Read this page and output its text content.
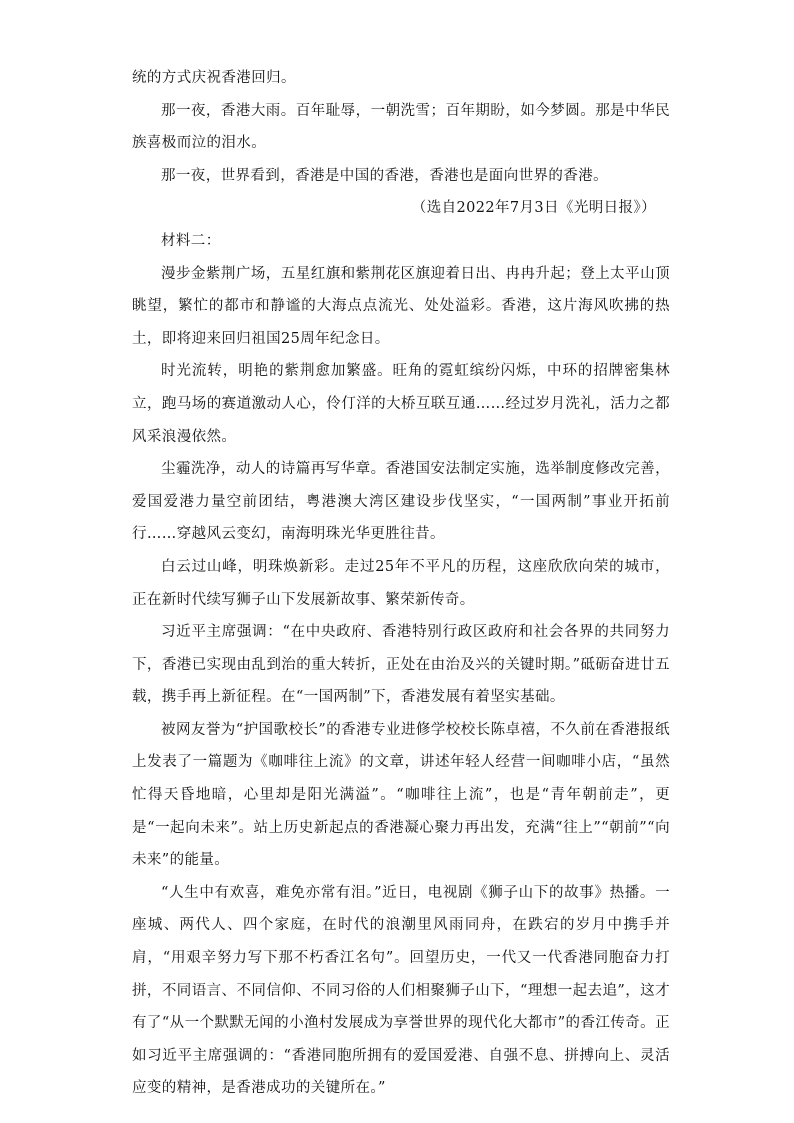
统的方式庆祝香港回归。

那一夜，香港大雨。百年耻辱，一朝洗雪；百年期盼，如今梦圆。那是中华民族喜极而泣的泪水。

那一夜，世界看到，香港是中国的香港，香港也是面向世界的香港。

（选自2022年7月3日《光明日报》）

材料二：

漫步金紫荆广场，五星红旗和紫荆花区旗迎着日出、冉冉升起；登上太平山顶眺望，繁忙的都市和静谧的大海点点流光、处处溢彩。香港，这片海风吹拂的热土，即将迎来回归祖国25周年纪念日。

时光流转，明艳的紫荆愈加繁盛。旺角的霓虹缤纷闪烁，中环的招牌密集林立，跑马场的赛道激动人心，伶仃洋的大桥互联互通……经过岁月洗礼，活力之都风采浪漫依然。

尘霾洗净，动人的诗篇再写华章。香港国安法制定实施，选举制度修改完善，爱国爱港力量空前团结，粤港澳大湾区建设步伐坚实，“一国两制”事业开拓前行……穿越风云变幻，南海明珠光华更胜往昔。

白云过山峰，明珠焕新彩。走过25年不平凡的历程，这座欣欣向荣的城市，正在新时代续写狮子山下发展新故事、繁荣新传奇。

习近平主席强调：“在中央政府、香港特别行政区政府和社会各界的共同努力下，香港已实现由乱到治的重大转折，正处在由治及兴的关键时期。”砥砺奋进廿五载，携手再上新征程。在“一国两制”下，香港发展有着坚实基础。

被网友誉为“护国歌校长”的香港专业进修学校校长陈卓禧，不久前在香港报纸上发表了一篇题为《咖啡往上流》的文章，讲述年轻人经营一间咖啡小店，“虽然忙得天昏地暗，心里却是阳光满溢”。“咖啡往上流”，也是“青年朝前走”，更是“一起向未来”。站上历史新起点的香港凝心聚力再出发，充满“往上”“朝前”“向未来”的能量。

“人生中有欢喜，难免亦常有泪。”近日，电视剧《狮子山下的故事》热播。一座城、两代人、四个家庭，在时代的浪潮里风雨同舟，在跌宕的岁月中携手并肩，“用艰辛努力写下那不朽香江名句”。回望历史，一代又一代香港同胞奋力打拼，不同语言、不同信仰、不同习俗的人们相聚狮子山下，“理想一起去追”，这才有了“从一个默默无闻的小渔村发展成为享誉世界的现代化大都市”的香江传奇。正如习近平主席强调的：“香港同胞所拥有的爱国爱港、自强不息、拼搏向上、灵活应变的精神，是香港成功的关键所在。”
